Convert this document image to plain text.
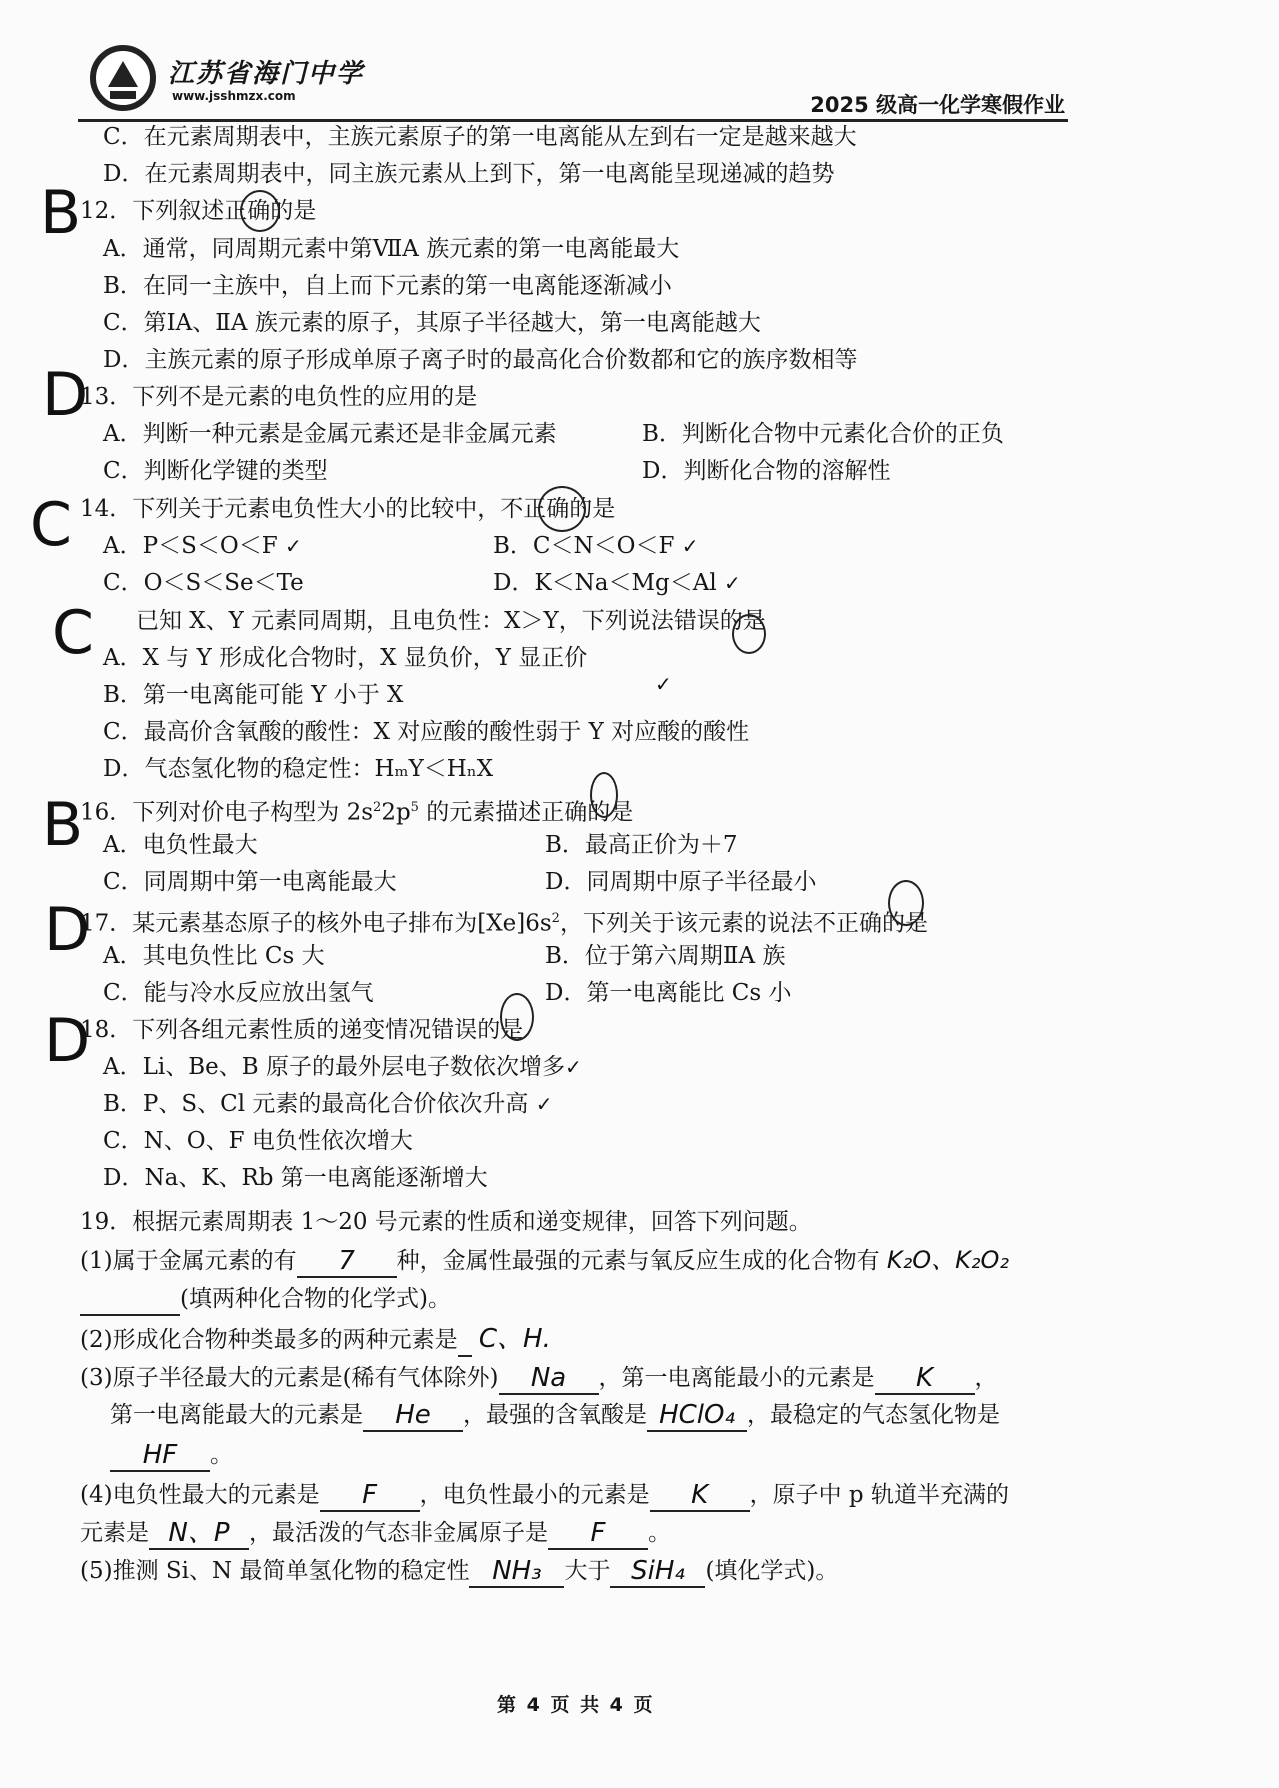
江苏省海门中学
www.jsshmzx.com	2025 级高一化学寒假作业
C．在元素周期表中，主族元素原子的第一电离能从左到右一定是越来越大
D．在元素周期表中，同主族元素从上到下，第一电离能呈现递减的趋势
B
12．下列叙述正确的是
A．通常，同周期元素中第ⅦA 族元素的第一电离能最大
B．在同一主族中，自上而下元素的第一电离能逐渐减小
C．第ⅠA、ⅡA 族元素的原子，其原子半径越大，第一电离能越大
D．主族元素的原子形成单原子离子时的最高化合价数都和它的族序数相等
D
13．下列不是元素的电负性的应用的是
A．判断一种元素是金属元素还是非金属元素	B．判断化合物中元素化合价的正负
C．判断化学键的类型	D．判断化合物的溶解性
C 14．下列关于元素电负性大小的比较中，不正确的是
A．P＜S＜O＜F ✓	B．C＜N＜O＜F ✓
C．O＜S＜Se＜Te	D．K＜Na＜Mg＜Al ✓
C 已知 X、Y 元素同周期，且电负性：X＞Y，下列说法错误的是
A．X 与 Y 形成化合物时，X 显负价，Y 显正价
✓
B．第一电离能可能 Y 小于 X
C．最高价含氧酸的酸性：X 对应酸的酸性弱于 Y 对应酸的酸性
D．气态氢化物的稳定性：HₘY＜HₙX
B
16．下列对价电子构型为 $2s^22p^5$ 的元素描述正确的是
A．电负性最大	B．最高正价为＋7
C．同周期中第一电离能最大	D．同周期中原子半径最小
D
17．某元素基态原子的核外电子排布为$[Xe]6s^2$，下列关于该元素的说法不正确的是
A．其电负性比 Cs 大	B．位于第六周期ⅡA 族
C．能与冷水反应放出氢气	D．第一电离能比 Cs 小
D
18．下列各组元素性质的递变情况错误的是
A．Li、Be、B 原子的最外层电子数依次增多✓
B．P、S、Cl 元素的最高化合价依次升高 ✓
C．N、O、F 电负性依次增大
D．Na、K、Rb 第一电离能逐渐增大
19．根据元素周期表 1～20 号元素的性质和递变规律，回答下列问题。
(1)属于金属元素的有	7	种，金属性最强的元素与氧反应生成的化合物有 K₂O、K₂O₂
(填两种化合物的化学式)。
(2)形成化合物种类最多的两种元素是 C、H.
(3)原子半径最大的元素是(稀有气体除外)	Na	，第一电离能最小的元素是	K	，
第一电离能最大的元素是	He	，最强的含氧酸是 HClO₄ ，最稳定的气态氢化物是
HF	。
(4)电负性最大的元素是	F	，电负性最小的元素是	K	，原子中 p 轨道半充满的
元素是 N、P ，最活泼的气态非金属原子是	F	。
(5)推测 Si、N 最简单氢化物的稳定性 NH₃ 大于 SiH₄ (填化学式)。
第 4 页 共 4 页
